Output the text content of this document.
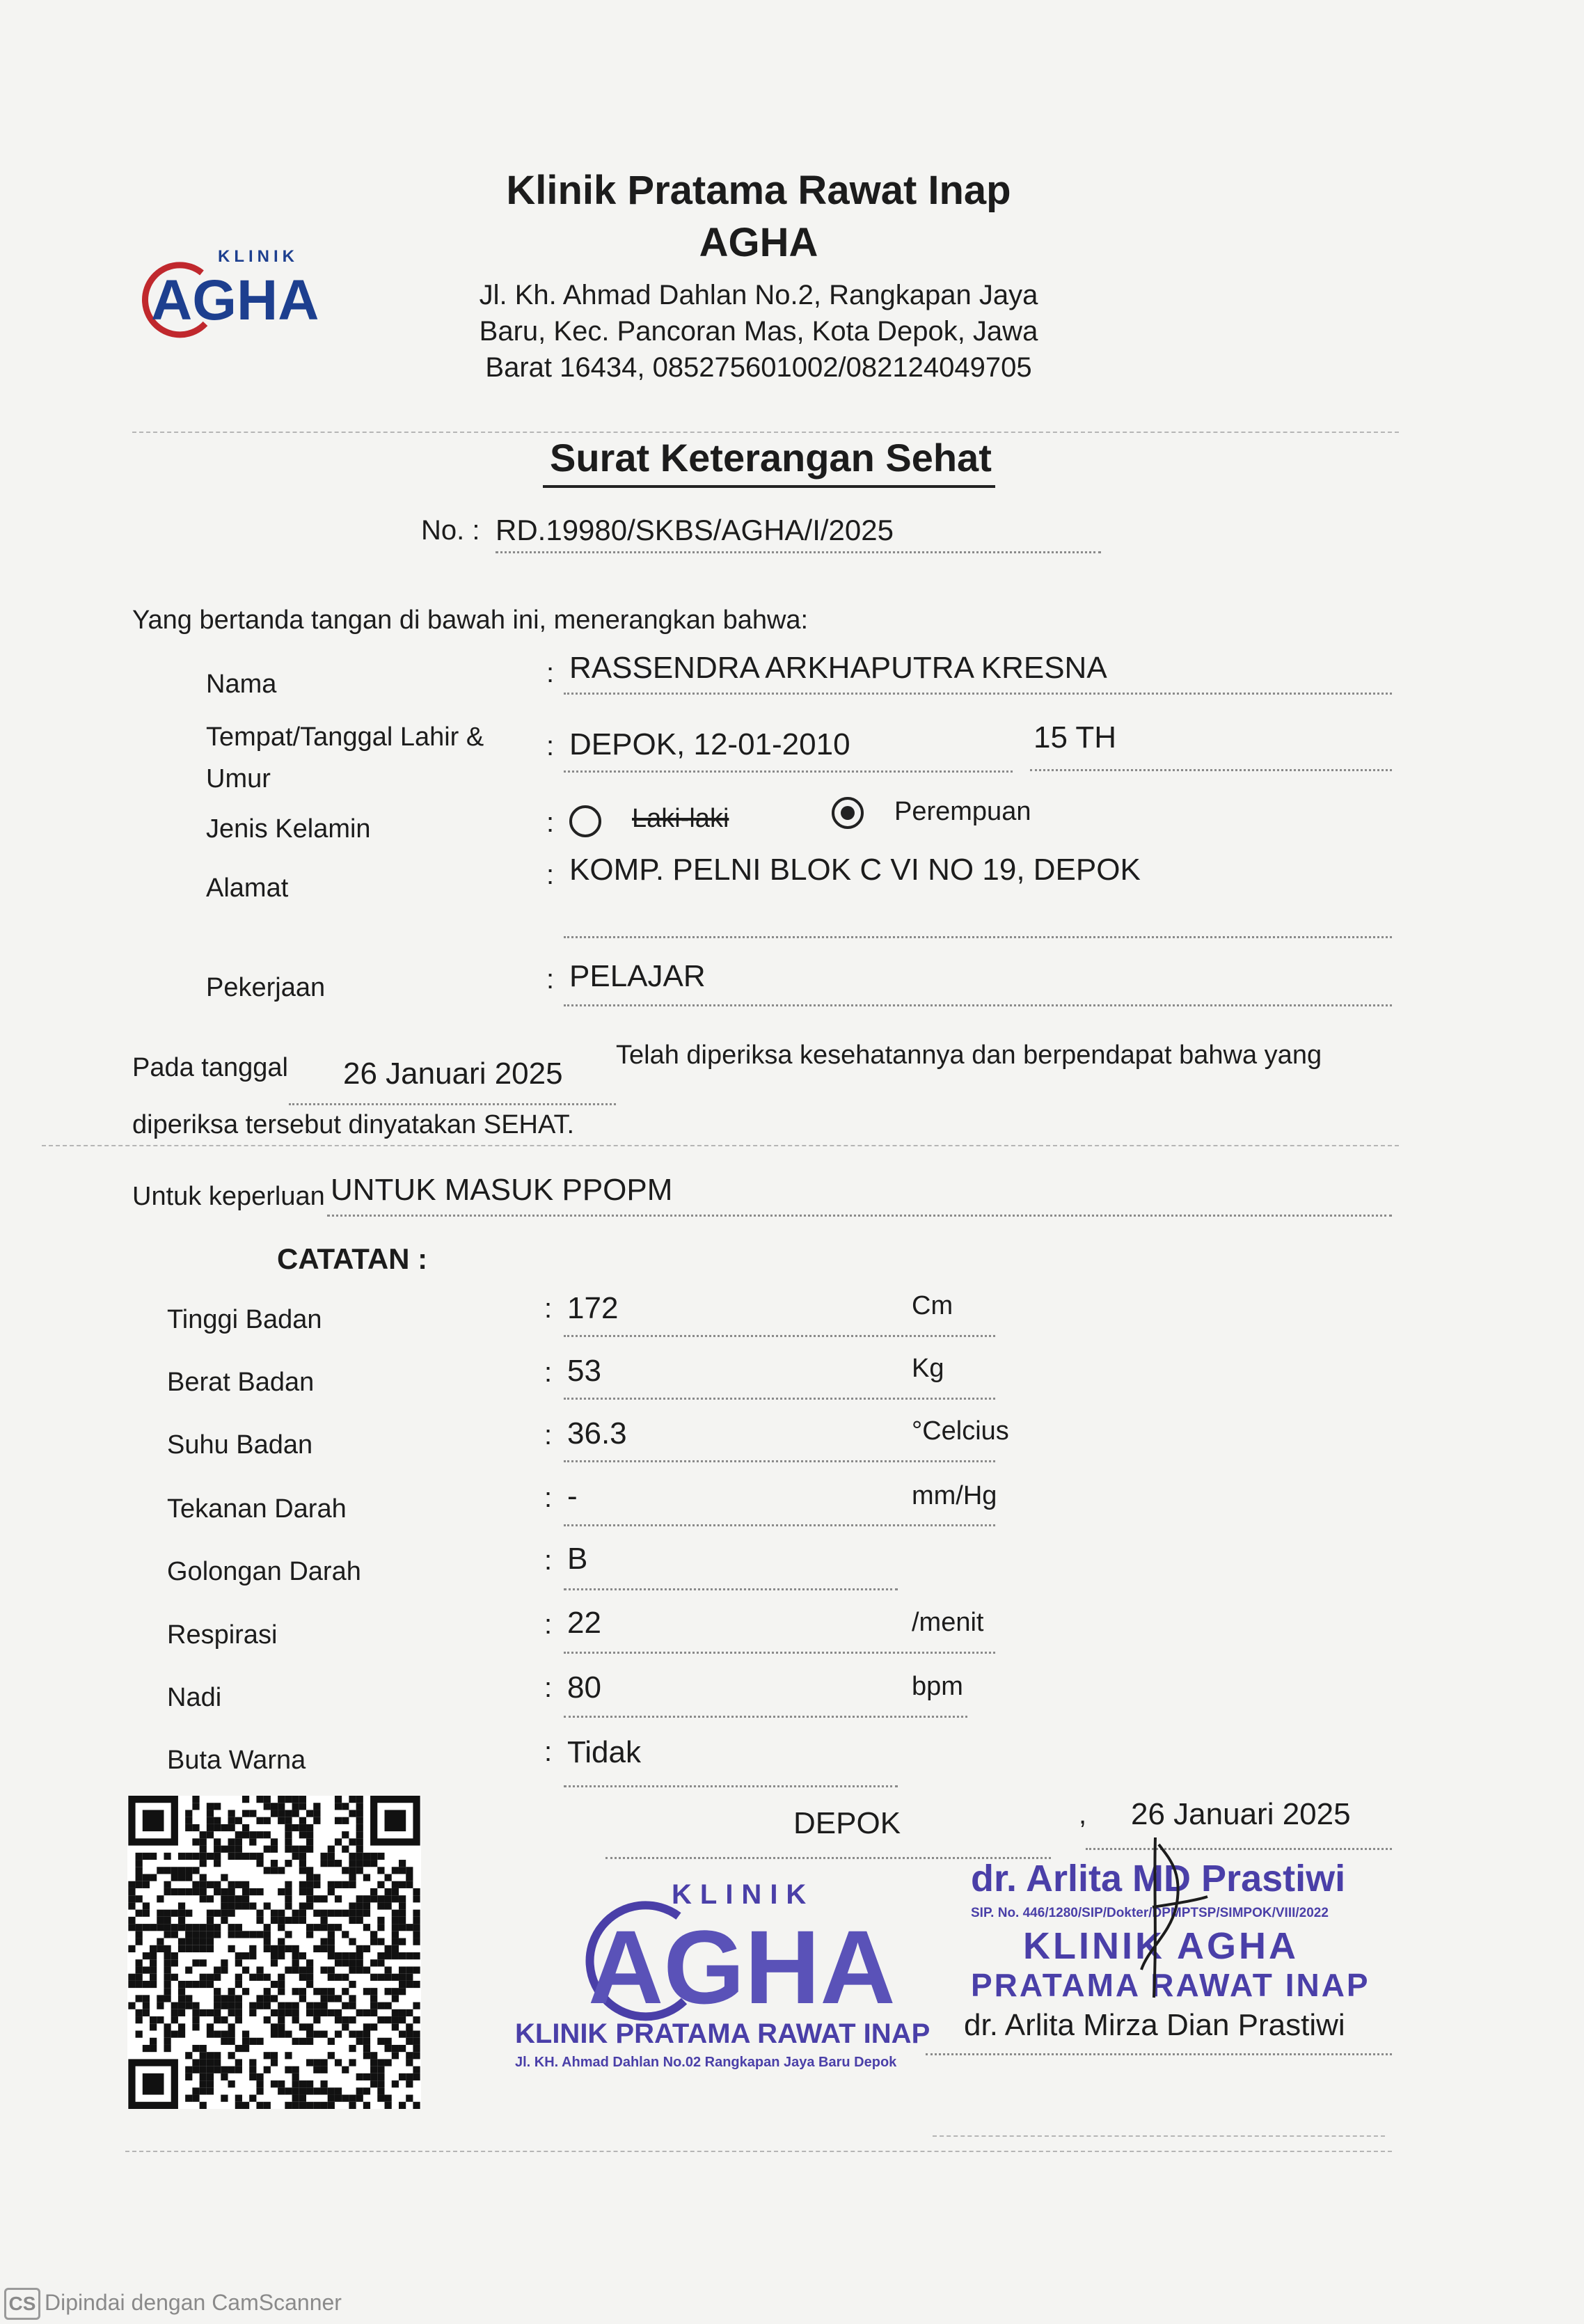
KLINIK
AGHA
Klinik Pratama Rawat Inap
AGHA
Jl. Kh. Ahmad Dahlan No.2, Rangkapan Jaya
Baru, Kec. Pancoran Mas, Kota Depok, Jawa
Barat 16434, 085275601002/082124049705
Surat Keterangan Sehat
No. : RD.19980/SKBS/AGHA/I/2025
Yang bertanda tangan di bawah ini, menerangkan bahwa:
Nama	: RASSENDRA ARKHAPUTRA KRESNA
Tempat/Tanggal Lahir &
Umur
: DEPOK, 12-01-2010	15 TH
Jenis Kelamin	:	Laki-laki	Perempuan
Alamat	: KOMP. PELNI BLOK C VI NO 19, DEPOK
Pekerjaan	: PELAJAR
Pada tanggal 26 Januari 2025
Telah diperiksa kesehatannya dan berpendapat bahwa yang
diperiksa tersebut dinyatakan SEHAT.
Untuk keperluan UNTUK MASUK PPOPM
CATATAN :
Tinggi Badan	: 172	Cm
Berat Badan	: 53	Kg
Suhu Badan	: 36.3	°Celcius
Tekanan Darah	: -	mm/Hg
Golongan Darah	: B
Respirasi	: 22	/menit
Nadi	: 80	bpm
Buta Warna	: Tidak
DEPOK	, 26 Januari 2025
KLINIK
AGHA
KLINIK PRATAMA RAWAT INAP
Jl. KH. Ahmad Dahlan No.02 Rangkapan Jaya Baru Depok
dr. Arlita MD Prastiwi
SIP. No. 446/1280/SIP/Dokter/DPMPTSP/SIMPOK/VIII/2022
KLINIK AGHA
PRATAMA RAWAT INAP
dr. Arlita Mirza Dian Prastiwi
CS Dipindai dengan CamScanner
